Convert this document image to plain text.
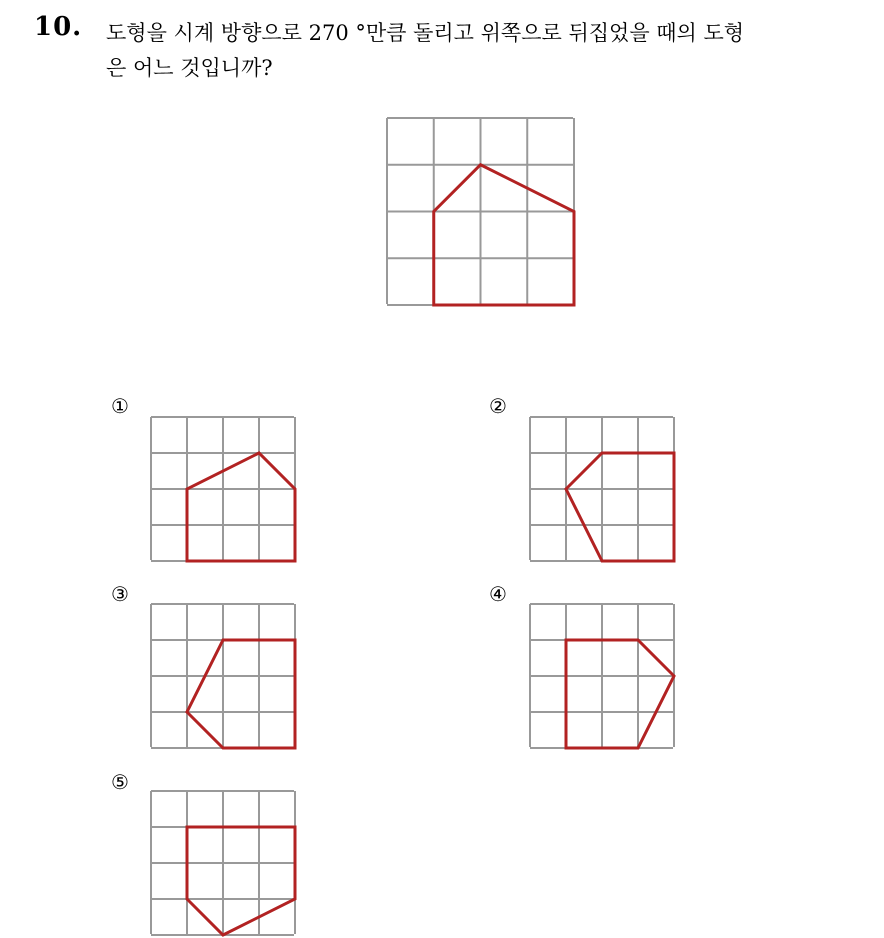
10. 도형을 시계 방향으로 270 °만큼 돌리고 위쪽으로 뒤집었을 때의 도형
은 어느 것입니까?
①	②
③	④
⑤
